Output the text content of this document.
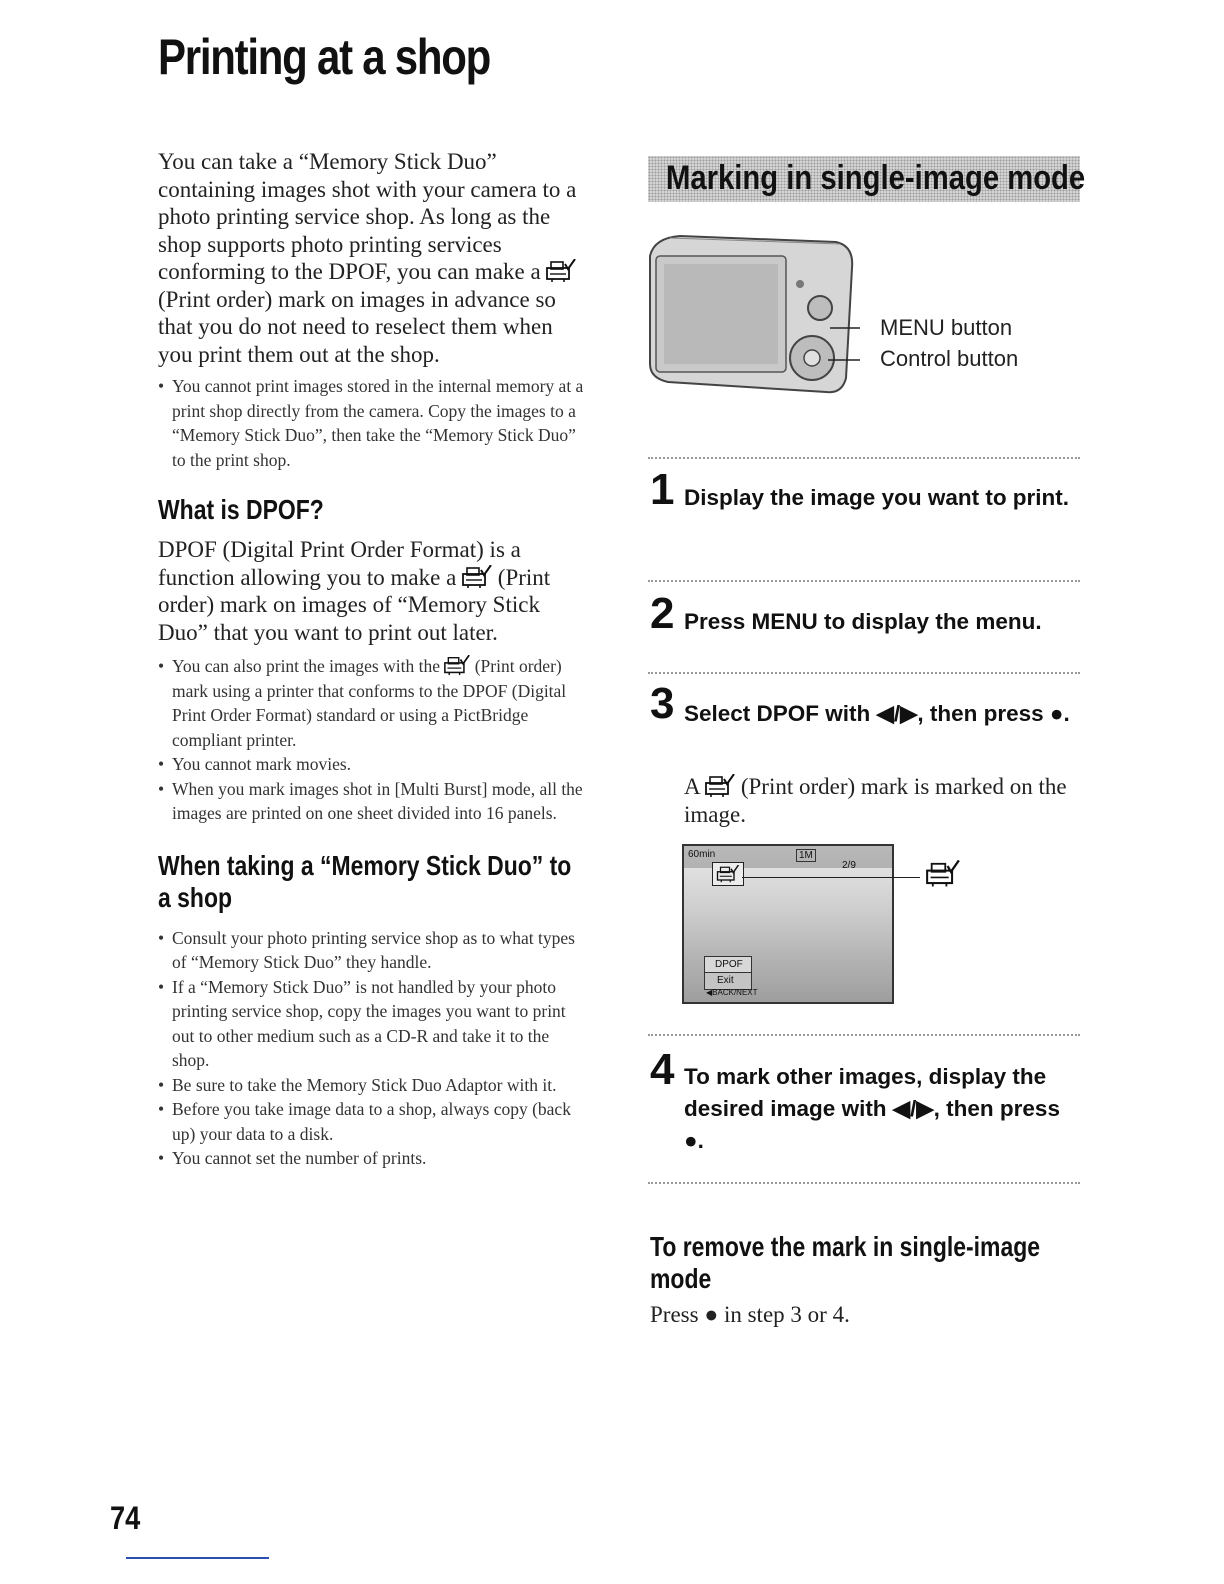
Printing at a shop

You can take a “Memory Stick Duo” containing images shot with your camera to a photo printing service shop. As long as the shop supports photo printing services conforming to the DPOF, you can make a  (Print order) mark on images in advance so that you do not need to reselect them when you print them out at the shop.

• You cannot print images stored in the internal memory at a print shop directly from the camera. Copy the images to a “Memory Stick Duo”, then take the “Memory Stick Duo” to the print shop.
What is DPOF?

DPOF (Digital Print Order Format) is a function allowing you to make a (Print order) mark on images of “Memory Stick Duo” that you want to print out later.

• You can also print the images with the (Print order) mark using a printer that conforms to the DPOF (Digital Print Order Format) standard or using a PictBridge compliant printer.
• You cannot mark movies.
• When you mark images shot in [Multi Burst] mode, all the images are printed on one sheet divided into 16 panels.
When taking a “Memory Stick Duo” to a shop
• Consult your photo printing service shop as to what types of “Memory Stick Duo” they handle.
• If a “Memory Stick Duo” is not handled by your photo printing service shop, copy the images you want to print out to other medium such as a CD-R and take it to the shop.
• Be sure to take the Memory Stick Duo Adaptor with it.
• Before you take image data to a shop, always copy (back up) your data to a disk.
• You cannot set the number of prints.
Marking in single-image mode
MENU button
Control button
1 Display the image you want to print.
2 Press MENU to display the menu.
3 Select DPOF with ◀/▶, then press ●.

A (Print order) mark is marked on the image.

60min	1M
2/9
DPOF
Exit
◀BACK/NEXT
4 To mark other images, display the desired image with ◀/▶, then press ●.
To remove the mark in single-image mode

Press ● in step 3 or 4.

74
